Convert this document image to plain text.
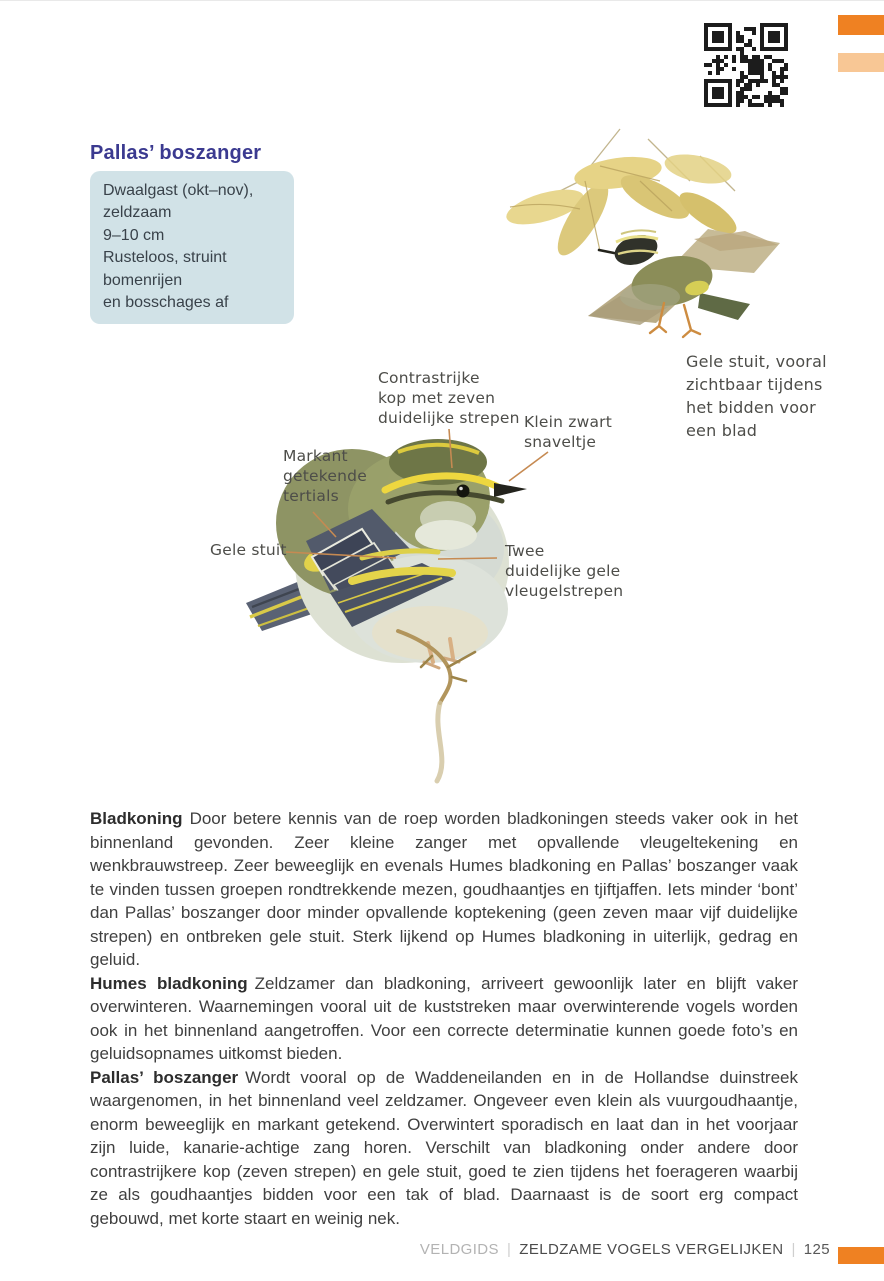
Pallas’ boszanger
Dwaalgast (okt–nov),
zeldzaam
9–10 cm
Rusteloos, struint bomenrijen
en bosschages af
Contrastrijke
kop met zeven
duidelijke strepen Klein zwart
snaveltje
Markant
getekende
tertials
Gele stuit	Twee
duidelijke gele
vleugelstrepen
Gele stuit, vooral
zichtbaar tijdens
het bidden voor
een blad

Bladkoning Door betere kennis van de roep worden bladkoningen steeds vaker ook in het binnenland gevonden. Zeer kleine zanger met opvallende vleugeltekening en wenkbrauwstreep. Zeer beweeglijk en evenals Humes bladkoning en Pallas’ boszanger vaak te vinden tussen groepen rondtrekkende mezen, goudhaantjes en tjiftjaffen. Iets minder ‘bont’ dan Pallas’ boszanger door minder opvallende koptekening (geen zeven maar vijf duidelijke strepen) en ontbreken gele stuit. Sterk lijkend op Humes bladkoning in uiterlijk, gedrag en geluid.

Humes bladkoning Zeldzamer dan bladkoning, arriveert gewoonlijk later en blijft vaker overwinteren. Waarnemingen vooral uit de kuststreken maar overwinterende vogels worden ook in het binnenland aangetroffen. Voor een correcte determinatie kunnen goede foto’s en geluidsopnames uitkomst bieden.

Pallas’ boszanger Wordt vooral op de Waddeneilanden en in de Hollandse duinstreek waargenomen, in het binnenland veel zeldzamer. Ongeveer even klein als vuurgoudhaantje, enorm beweeglijk en markant getekend. Overwintert sporadisch en laat dan in het voorjaar zijn luide, kanarie-achtige zang horen. Verschilt van bladkoning onder andere door contrastrijkere kop (zeven strepen) en gele stuit, goed te zien tijdens het foerageren waarbij ze als goudhaantjes bidden voor een tak of blad. Daarnaast is de soort erg compact gebouwd, met korte staart en weinig nek.

VELDGIDS | ZELDZAME VOGELS VERGELIJKEN | 125
